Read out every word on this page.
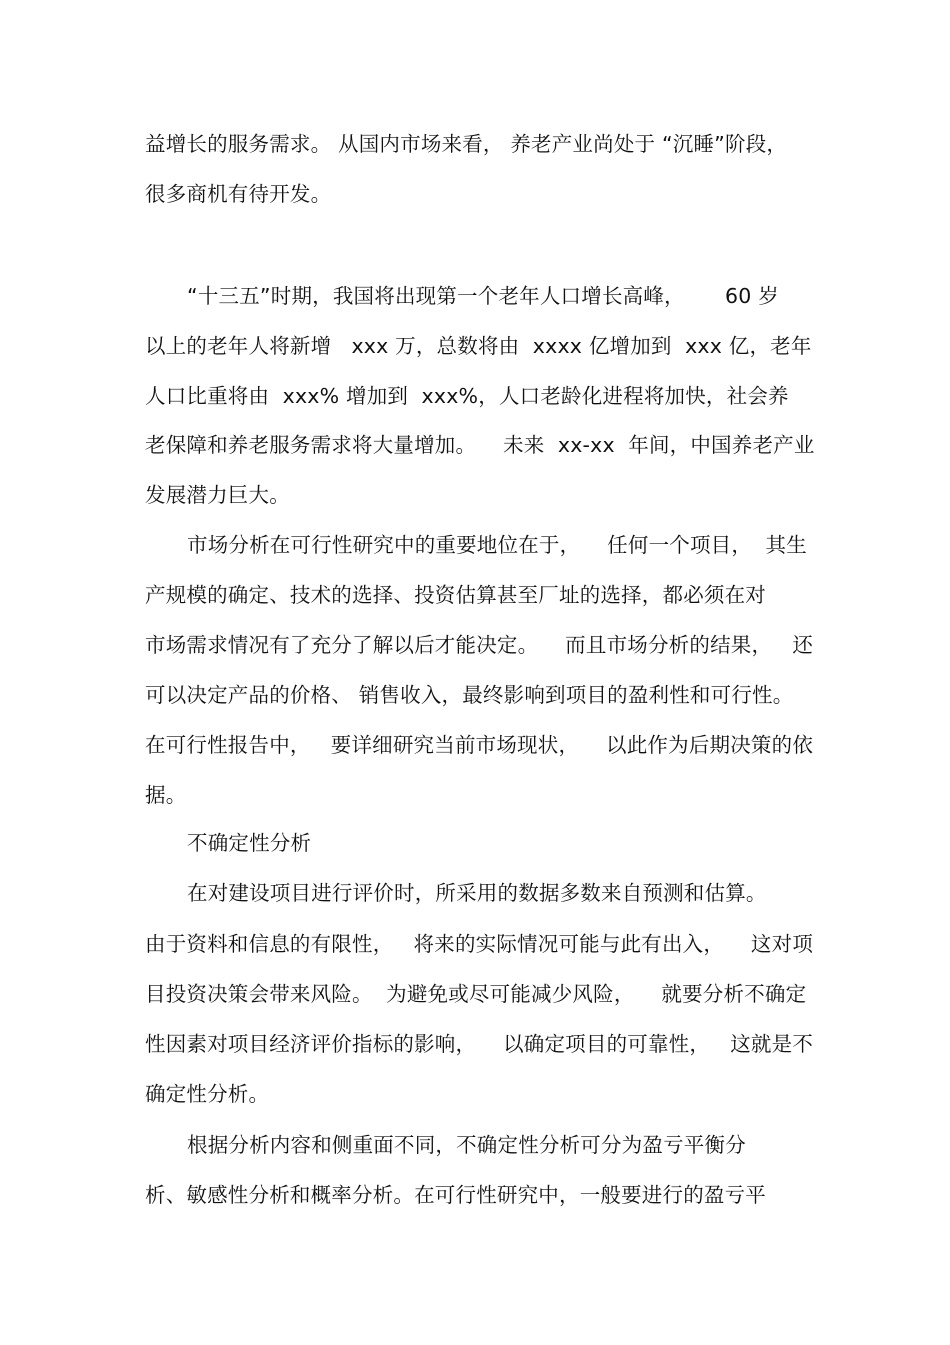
益增长的服务需求。 从国内市场来看， 养老产业尚处于 “沉睡”阶段，
很多商机有待开发。
“十三五”时期，我国将出现第一个老年人口增长高峰，      60 岁
以上的老年人将新增   xxx 万，总数将由  xxxx 亿增加到  xxx 亿，老年
人口比重将由  xxx% 增加到  xxx%，人口老龄化进程将加快，社会养
老保障和养老服务需求将大量增加。    未来  xx-xx  年间，中国养老产业
发展潜力巨大。
市场分析在可行性研究中的重要地位在于，    任何一个项目，  其生
产规模的确定、技术的选择、投资估算甚至厂址的选择，都必须在对
市场需求情况有了充分了解以后才能决定。    而且市场分析的结果，   还
可以决定产品的价格、 销售收入，最终影响到项目的盈利性和可行性。
在可行性报告中，   要详细研究当前市场现状，    以此作为后期决策的依
据。
不确定性分析
在对建设项目进行评价时，所采用的数据多数来自预测和估算。
由于资料和信息的有限性，   将来的实际情况可能与此有出入，    这对项
目投资决策会带来风险。  为避免或尽可能减少风险，    就要分析不确定
性因素对项目经济评价指标的影响，    以确定项目的可靠性，   这就是不
确定性分析。
根据分析内容和侧重面不同，不确定性分析可分为盈亏平衡分
析、敏感性分析和概率分析。在可行性研究中，一般要进行的盈亏平
